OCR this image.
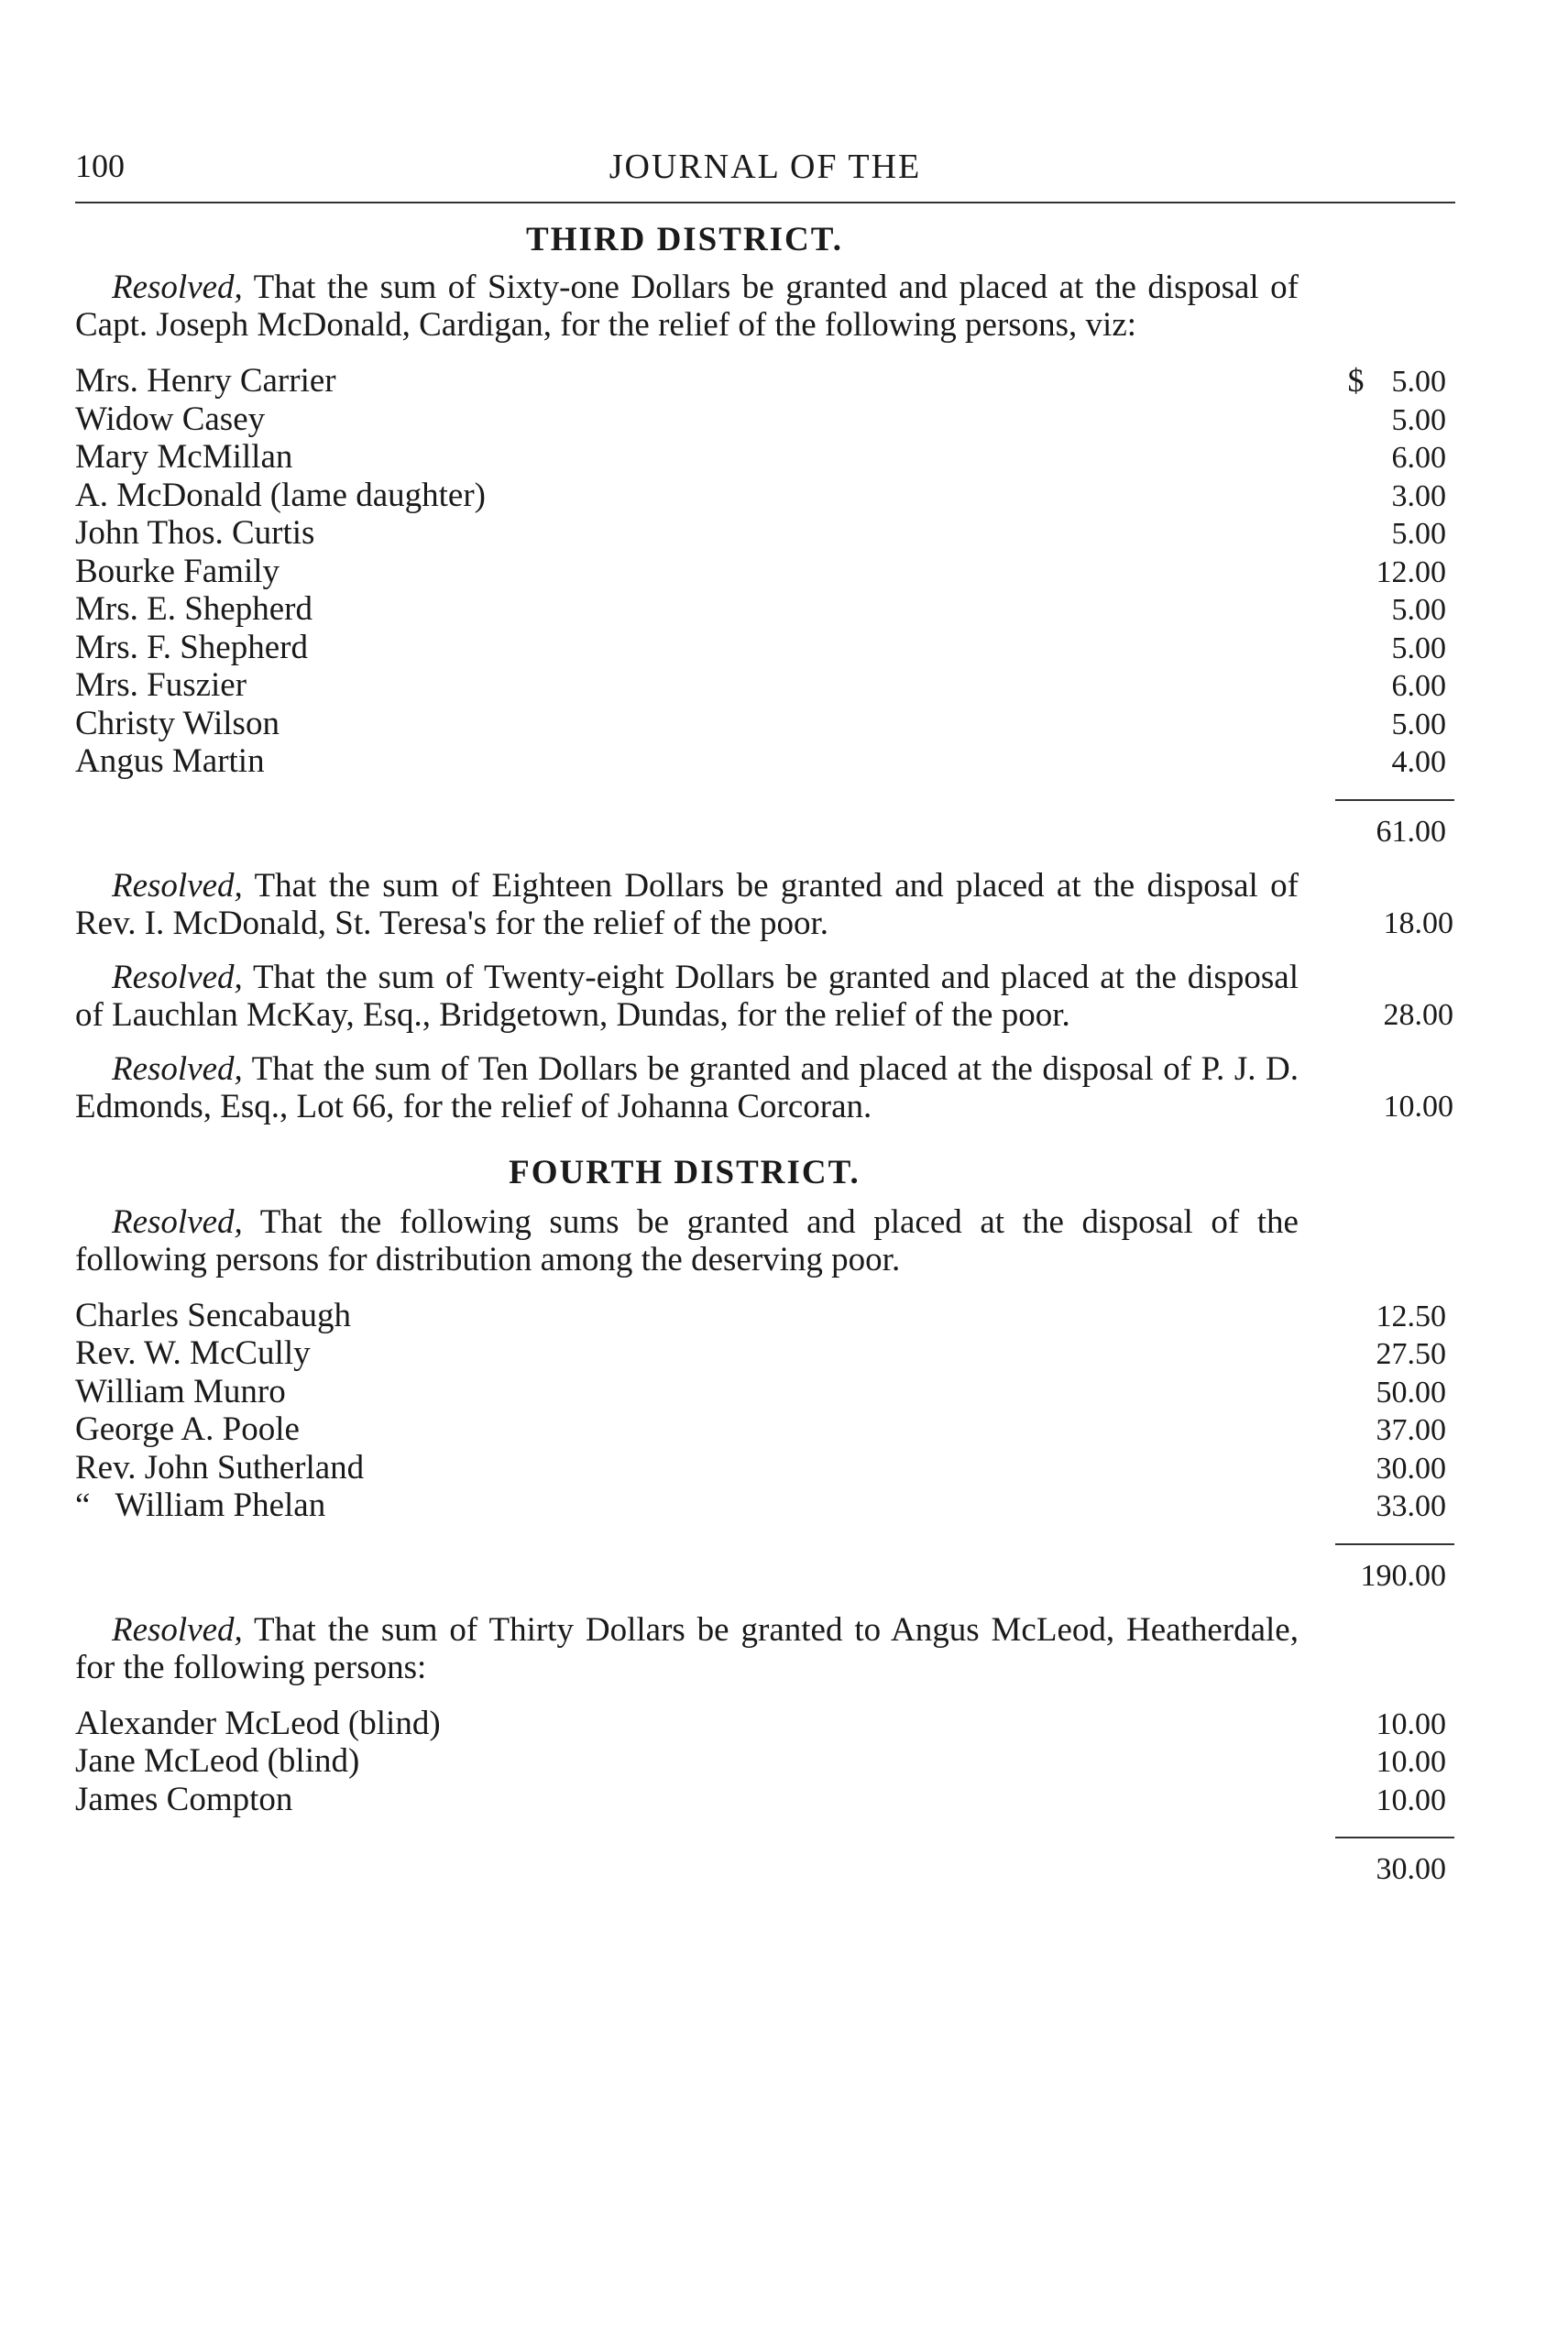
100	JOURNAL OF THE
THIRD DISTRICT.

Resolved, That the sum of Sixty-one Dollars be granted and placed at the disposal of Capt. Joseph McDonald, Cardigan, for the relief of the following persons, viz:

Mrs. Henry Carrier	$ 5.00
Widow Casey	5.00
Mary McMillan	6.00
A. McDonald (lame daughter)	3.00
John Thos. Curtis	5.00
Bourke Family	12.00
Mrs. E. Shepherd	5.00
Mrs. F. Shepherd	5.00
Mrs. Fuszier	6.00
Christy Wilson	5.00
Angus Martin	4.00
61.00

Resolved, That the sum of Eighteen Dollars be granted and placed at the disposal of Rev. I. McDonald, St. Teresa's for the relief of the poor.	18.00

Resolved, That the sum of Twenty-eight Dollars be granted and placed at the disposal of Lauchlan McKay, Esq., Bridgetown, Dundas, for the relief of the poor.	28.00

Resolved, That the sum of Ten Dollars be granted and placed at the disposal of P. J. D. Edmonds, Esq., Lot 66, for the relief of Johanna Corcoran.	10.00
FOURTH DISTRICT.

Resolved, That the following sums be granted and placed at the disposal of the following persons for distribution among the deserving poor.

Charles Sencabaugh	12.50
Rev. W. McCully	27.50
William Munro	50.00
George A. Poole	37.00
Rev. John Sutherland	30.00
“   William Phelan	33.00
190.00

Resolved, That the sum of Thirty Dollars be granted to Angus McLeod, Heatherdale, for the following persons:

Alexander McLeod (blind)	10.00
Jane McLeod (blind)	10.00
James Compton	10.00
30.00
